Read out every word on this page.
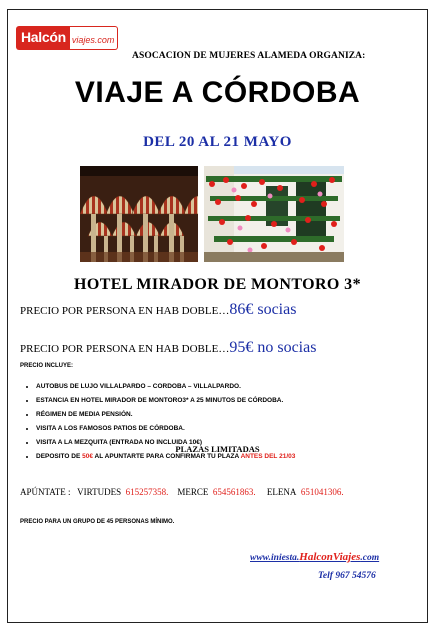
Halcón viajes.com
ASOCACION DE MUJERES ALAMEDA ORGANIZA:
VIAJE A CÓRDOBA
DEL 20 AL 21 MAYO
HOTEL MIRADOR DE MONTORO 3*
PRECIO POR PERSONA EN HAB DOBLE…86€ socias
PRECIO POR PERSONA EN HAB DOBLE…95€ no socias
PRECIO INCLUYE:
• AUTOBUS DE LUJO VILLALPARDO – CORDOBA – VILLALPARDO.
• ESTANCIA EN HOTEL MIRADOR DE MONTORO3* A 25 MINUTOS DE CÓRDOBA.
• RÉGIMEN DE MEDIA PENSIÓN.
• VISITA A LOS FAMOSOS PATIOS DE CÓRDOBA.
• VISITA A LA MEZQUITA (ENTRADA NO INCLUIDA 10€)
• DEPOSITO DE 50€ AL APUNTARTE PARA CONFIRMAR TU PLAZA ANTES DEL 21/03
PLAZAS LIMITADAS
APÚNTATE : VIRTUDES 615257358. MERCE 654561863. ELENA 651041306.
PRECIO PARA UN GRUPO DE 45 PERSONAS MÍNIMO.
www.iniesta.HalconViajes.com
Telf 967 54576
